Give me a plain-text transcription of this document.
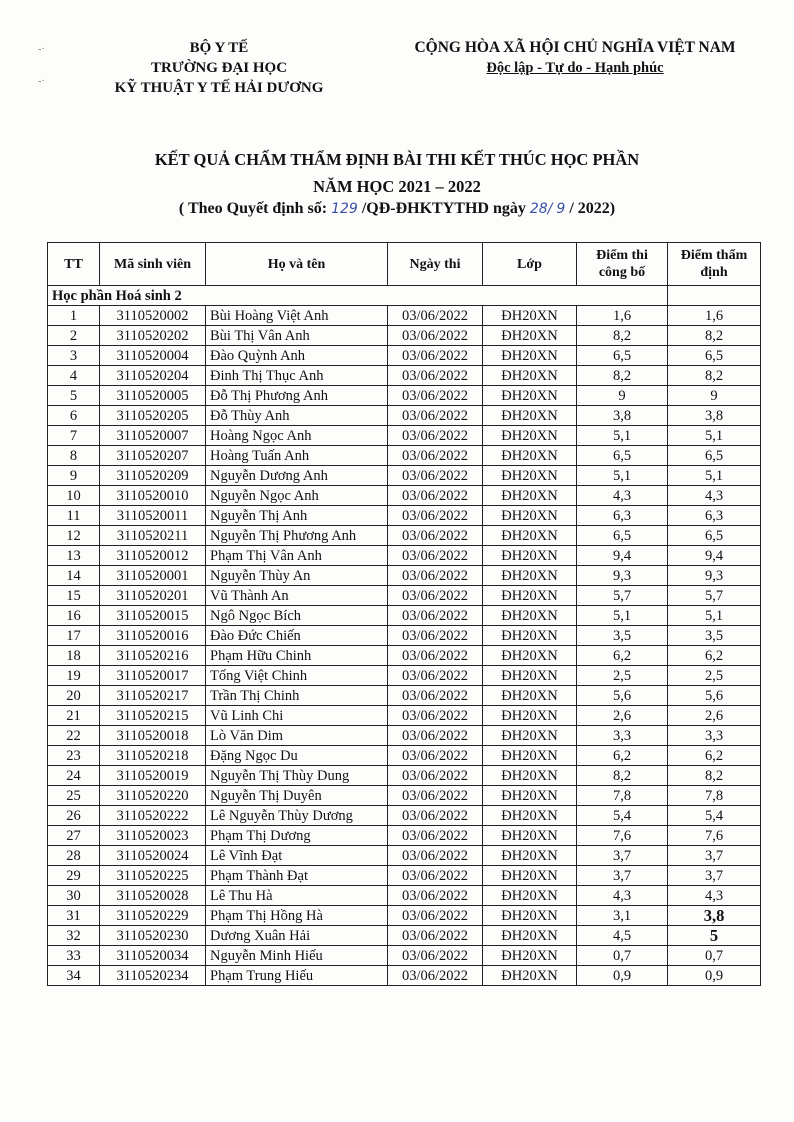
-·
-·
BỘ Y TẾ
TRƯỜNG ĐẠI HỌC
KỸ THUẬT Y TẾ HẢI DƯƠNG
CỘNG HÒA XÃ HỘI CHỦ NGHĨA VIỆT NAM
Độc lập - Tự do - Hạnh phúc
KẾT QUẢ CHẤM THẨM ĐỊNH BÀI THI KẾT THÚC HỌC PHẦN
NĂM HỌC 2021 – 2022
( Theo Quyết định số: 129 /QĐ-ĐHKTYTHD ngày 28/ 9 / 2022)
TT	Mã sinh viên	Họ và tên	Ngày thi	Lớp	Điểm thi công bố	Điểm thẩm định
Học phần Hoá sinh 2						
1	3110520002	Bùi Hoàng Việt Anh	03/06/2022	ĐH20XN	1,6	1,6
2	3110520202	Bùi Thị Vân Anh	03/06/2022	ĐH20XN	8,2	8,2
3	3110520004	Đào Quỳnh Anh	03/06/2022	ĐH20XN	6,5	6,5
4	3110520204	Đinh Thị Thục Anh	03/06/2022	ĐH20XN	8,2	8,2
5	3110520005	Đỗ Thị Phương Anh	03/06/2022	ĐH20XN	9	9
6	3110520205	Đỗ Thùy Anh	03/06/2022	ĐH20XN	3,8	3,8
7	3110520007	Hoàng Ngọc Anh	03/06/2022	ĐH20XN	5,1	5,1
8	3110520207	Hoàng Tuấn Anh	03/06/2022	ĐH20XN	6,5	6,5
9	3110520209	Nguyễn Dương Anh	03/06/2022	ĐH20XN	5,1	5,1
10	3110520010	Nguyễn Ngọc Anh	03/06/2022	ĐH20XN	4,3	4,3
11	3110520011	Nguyễn Thị Anh	03/06/2022	ĐH20XN	6,3	6,3
12	3110520211	Nguyễn Thị Phương Anh	03/06/2022	ĐH20XN	6,5	6,5
13	3110520012	Phạm Thị Vân Anh	03/06/2022	ĐH20XN	9,4	9,4
14	3110520001	Nguyễn Thùy An	03/06/2022	ĐH20XN	9,3	9,3
15	3110520201	Vũ Thành An	03/06/2022	ĐH20XN	5,7	5,7
16	3110520015	Ngô Ngọc Bích	03/06/2022	ĐH20XN	5,1	5,1
17	3110520016	Đào Đức Chiến	03/06/2022	ĐH20XN	3,5	3,5
18	3110520216	Phạm Hữu Chinh	03/06/2022	ĐH20XN	6,2	6,2
19	3110520017	Tống Việt Chinh	03/06/2022	ĐH20XN	2,5	2,5
20	3110520217	Trần Thị Chinh	03/06/2022	ĐH20XN	5,6	5,6
21	3110520215	Vũ Linh Chi	03/06/2022	ĐH20XN	2,6	2,6
22	3110520018	Lò Văn Dim	03/06/2022	ĐH20XN	3,3	3,3
23	3110520218	Đặng Ngọc Du	03/06/2022	ĐH20XN	6,2	6,2
24	3110520019	Nguyễn Thị Thùy Dung	03/06/2022	ĐH20XN	8,2	8,2
25	3110520220	Nguyễn Thị Duyên	03/06/2022	ĐH20XN	7,8	7,8
26	3110520222	Lê Nguyễn Thùy Dương	03/06/2022	ĐH20XN	5,4	5,4
27	3110520023	Phạm Thị Dương	03/06/2022	ĐH20XN	7,6	7,6
28	3110520024	Lê Vĩnh Đạt	03/06/2022	ĐH20XN	3,7	3,7
29	3110520225	Phạm Thành Đạt	03/06/2022	ĐH20XN	3,7	3,7
30	3110520028	Lê Thu Hà	03/06/2022	ĐH20XN	4,3	4,3
31	3110520229	Phạm Thị Hồng Hà	03/06/2022	ĐH20XN	3,1	3,8
32	3110520230	Dương Xuân Hải	03/06/2022	ĐH20XN	4,5	5
33	3110520034	Nguyễn Minh Hiếu	03/06/2022	ĐH20XN	0,7	0,7
34	3110520234	Phạm Trung Hiếu	03/06/2022	ĐH20XN	0,9	0,9
